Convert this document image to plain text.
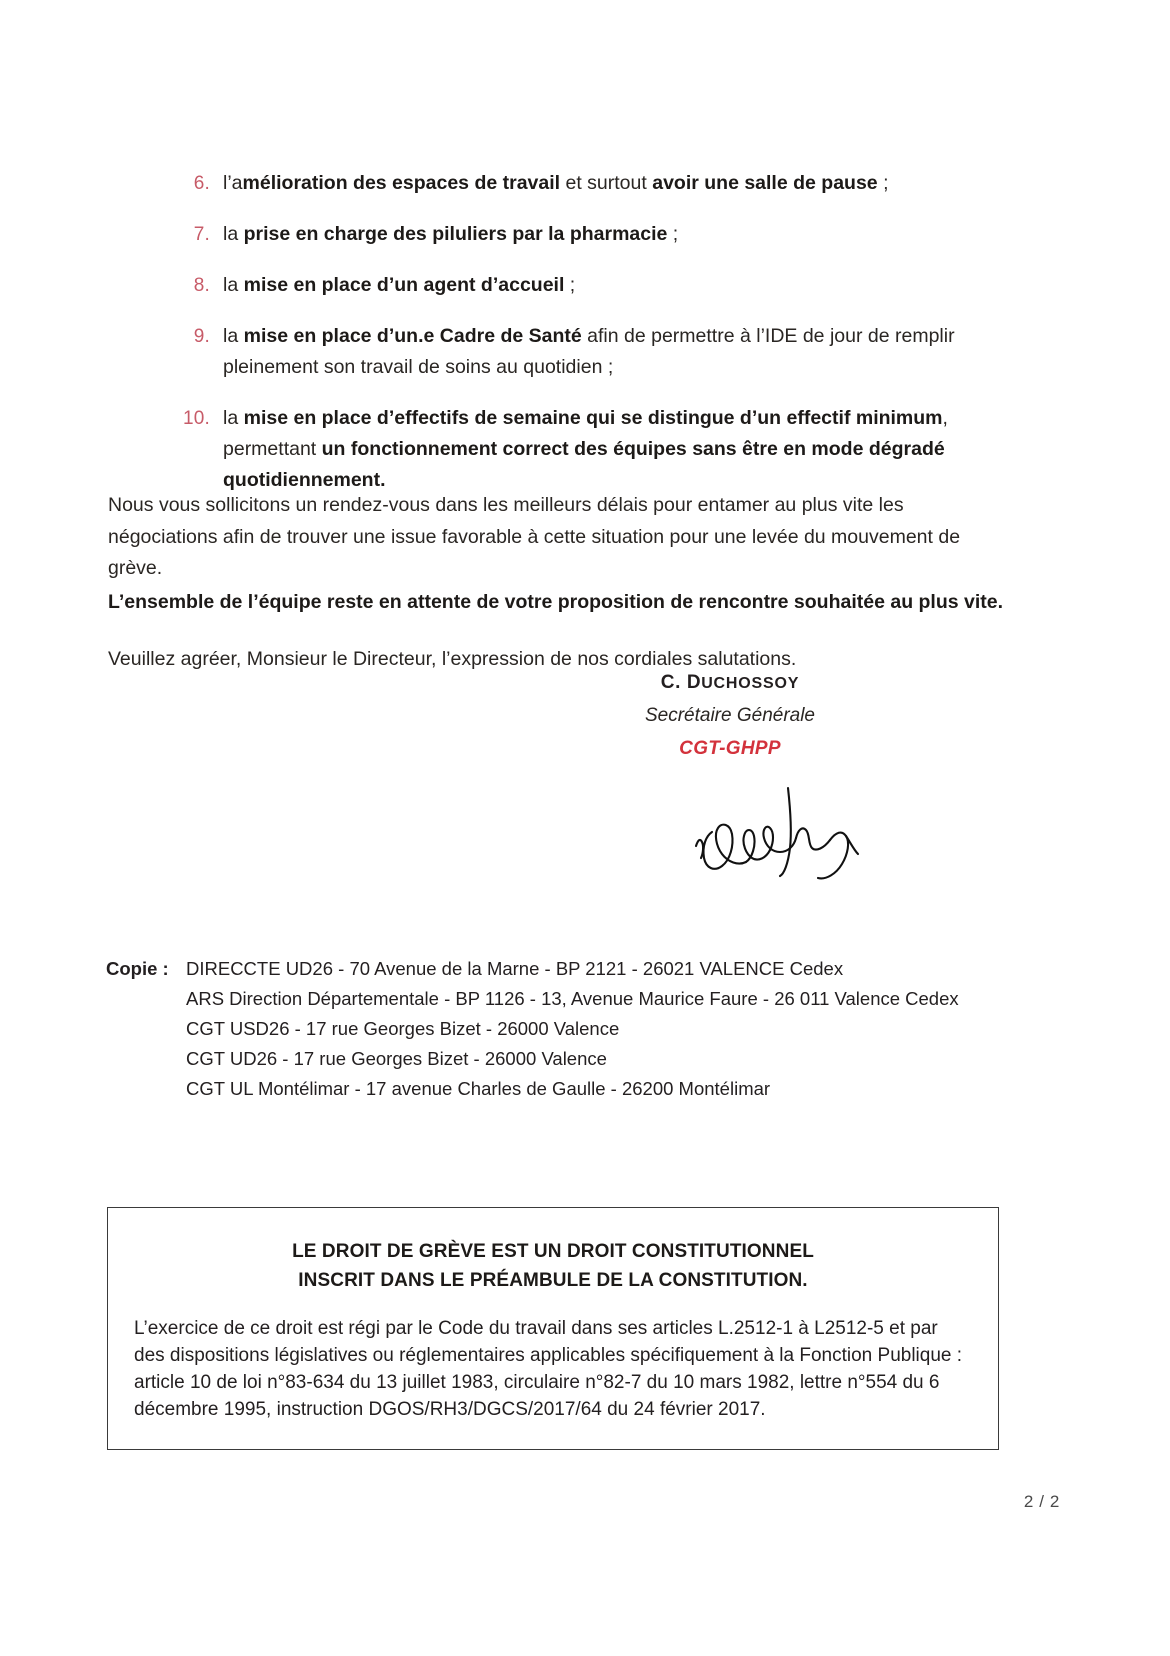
6. l’amélioration des espaces de travail et surtout avoir une salle de pause ;
7. la prise en charge des piluliers par la pharmacie ;
8. la mise en place d’un agent d’accueil ;
9. la mise en place d’un.e Cadre de Santé afin de permettre à l’IDE de jour de remplir pleinement son travail de soins au quotidien ;
10. la mise en place d’effectifs de semaine qui se distingue d’un effectif minimum, permettant un fonctionnement correct des équipes sans être en mode dégradé quotidiennement.

Nous vous sollicitons un rendez-vous dans les meilleurs délais pour entamer au plus vite les négociations afin de trouver une issue favorable à cette situation pour une levée du mouvement de grève.

L’ensemble de l’équipe reste en attente de votre proposition de rencontre souhaitée au plus vite.

Veuillez agréer, Monsieur le Directeur, l’expression de nos cordiales salutations.

C. DUCHOSSOY
Secrétaire Générale
CGT-GHPP
Copie : DIRECCTE UD26 - 70 Avenue de la Marne - BP 2121 - 26021 VALENCE Cedex
ARS Direction Départementale - BP 1126 - 13, Avenue Maurice Faure - 26 011 Valence Cedex
CGT USD26 - 17 rue Georges Bizet - 26000 Valence
CGT UD26 - 17 rue Georges Bizet - 26000 Valence
CGT UL Montélimar - 17 avenue Charles de Gaulle - 26200 Montélimar
LE DROIT DE GRÈVE EST UN DROIT CONSTITUTIONNEL
INSCRIT DANS LE PRÉAMBULE DE LA CONSTITUTION.
L’exercice de ce droit est régi par le Code du travail dans ses articles L.2512-1 à L2512-5 et par des dispositions législatives ou réglementaires applicables spécifiquement à la Fonction Publique : article 10 de loi n°83-634 du 13 juillet 1983, circulaire n°82-7 du 10 mars 1982, lettre n°554 du 6 décembre 1995, instruction DGOS/RH3/DGCS/2017/64 du 24 février 2017.
2 / 2
